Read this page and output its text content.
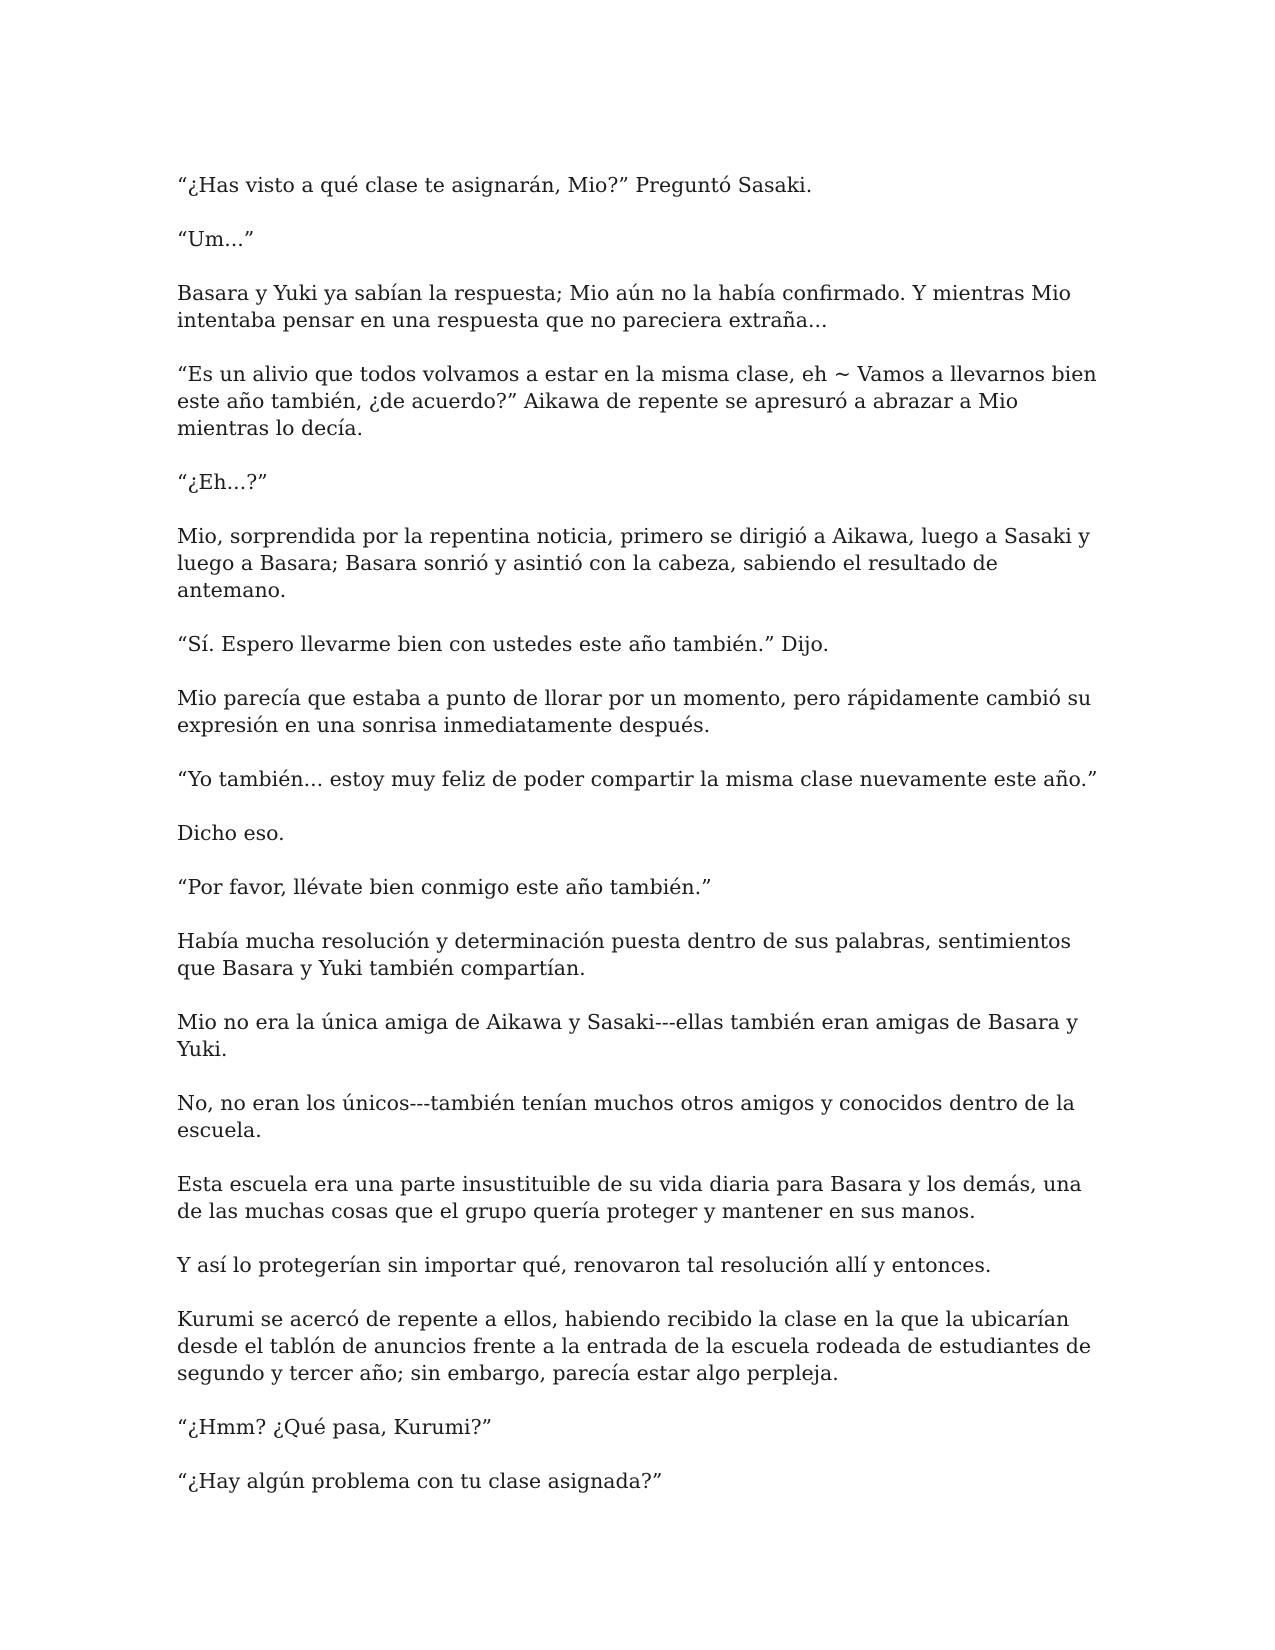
“¿Has visto a qué clase te asignarán, Mio?” Preguntó Sasaki.

“Um...”

Basara y Yuki ya sabían la respuesta; Mio aún no la había confirmado. Y mientras Mio intentaba pensar en una respuesta que no pareciera extraña...

“Es un alivio que todos volvamos a estar en la misma clase, eh ~ Vamos a llevarnos bien este año también, ¿de acuerdo?” Aikawa de repente se apresuró a abrazar a Mio mientras lo decía.

“¿Eh...?”

Mio, sorprendida por la repentina noticia, primero se dirigió a Aikawa, luego a Sasaki y luego a Basara; Basara sonrió y asintió con la cabeza, sabiendo el resultado de antemano.

“Sí. Espero llevarme bien con ustedes este año también.” Dijo.

Mio parecía que estaba a punto de llorar por un momento, pero rápidamente cambió su expresión en una sonrisa inmediatamente después.

“Yo también... estoy muy feliz de poder compartir la misma clase nuevamente este año.”

Dicho eso.

“Por favor, llévate bien conmigo este año también.”

Había mucha resolución y determinación puesta dentro de sus palabras, sentimientos que Basara y Yuki también compartían.

Mio no era la única amiga de Aikawa y Sasaki---ellas también eran amigas de Basara y Yuki.

No, no eran los únicos---también tenían muchos otros amigos y conocidos dentro de la escuela.

Esta escuela era una parte insustituible de su vida diaria para Basara y los demás, una de las muchas cosas que el grupo quería proteger y mantener en sus manos.

Y así lo protegerían sin importar qué, renovaron tal resolución allí y entonces.

Kurumi se acercó de repente a ellos, habiendo recibido la clase en la que la ubicarían desde el tablón de anuncios frente a la entrada de la escuela rodeada de estudiantes de segundo y tercer año; sin embargo, parecía estar algo perpleja.

“¿Hmm? ¿Qué pasa, Kurumi?”

“¿Hay algún problema con tu clase asignada?”
